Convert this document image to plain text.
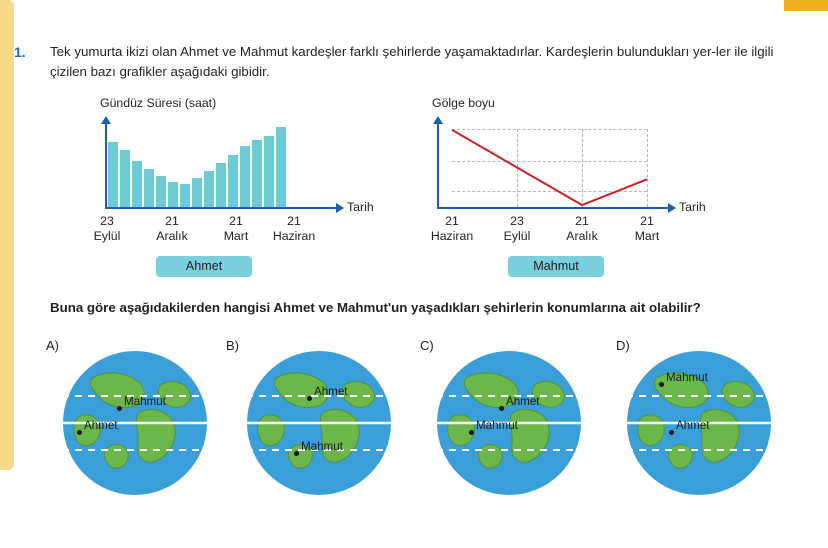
1. Tek yumurta ikizi olan Ahmet ve Mahmut kardeşler farklı şehirlerde yaşamaktadırlar. Kardeşlerin bulundukları yer-ler ile ilgili çizilen bazı grafikler aşağıdaki gibidir.
Gündüz Süresi (saat)
Tarih
23
Eylül
21
Aralık
21
Mart
21
Haziran
Ahmet
Gölge boyu
Tarih
21
Haziran
23
Eylül
21
Aralık
21
Mart
Mahmut
Buna göre aşağıdakilerden hangisi Ahmet ve Mahmut'un yaşadıkları şehirlerin konumlarına ait olabilir?
A)
Mahmut
Ahmet
B)
Ahmet
Mahmut
C)
Ahmet
Mahmut
D)
Mahmut
Ahmet
